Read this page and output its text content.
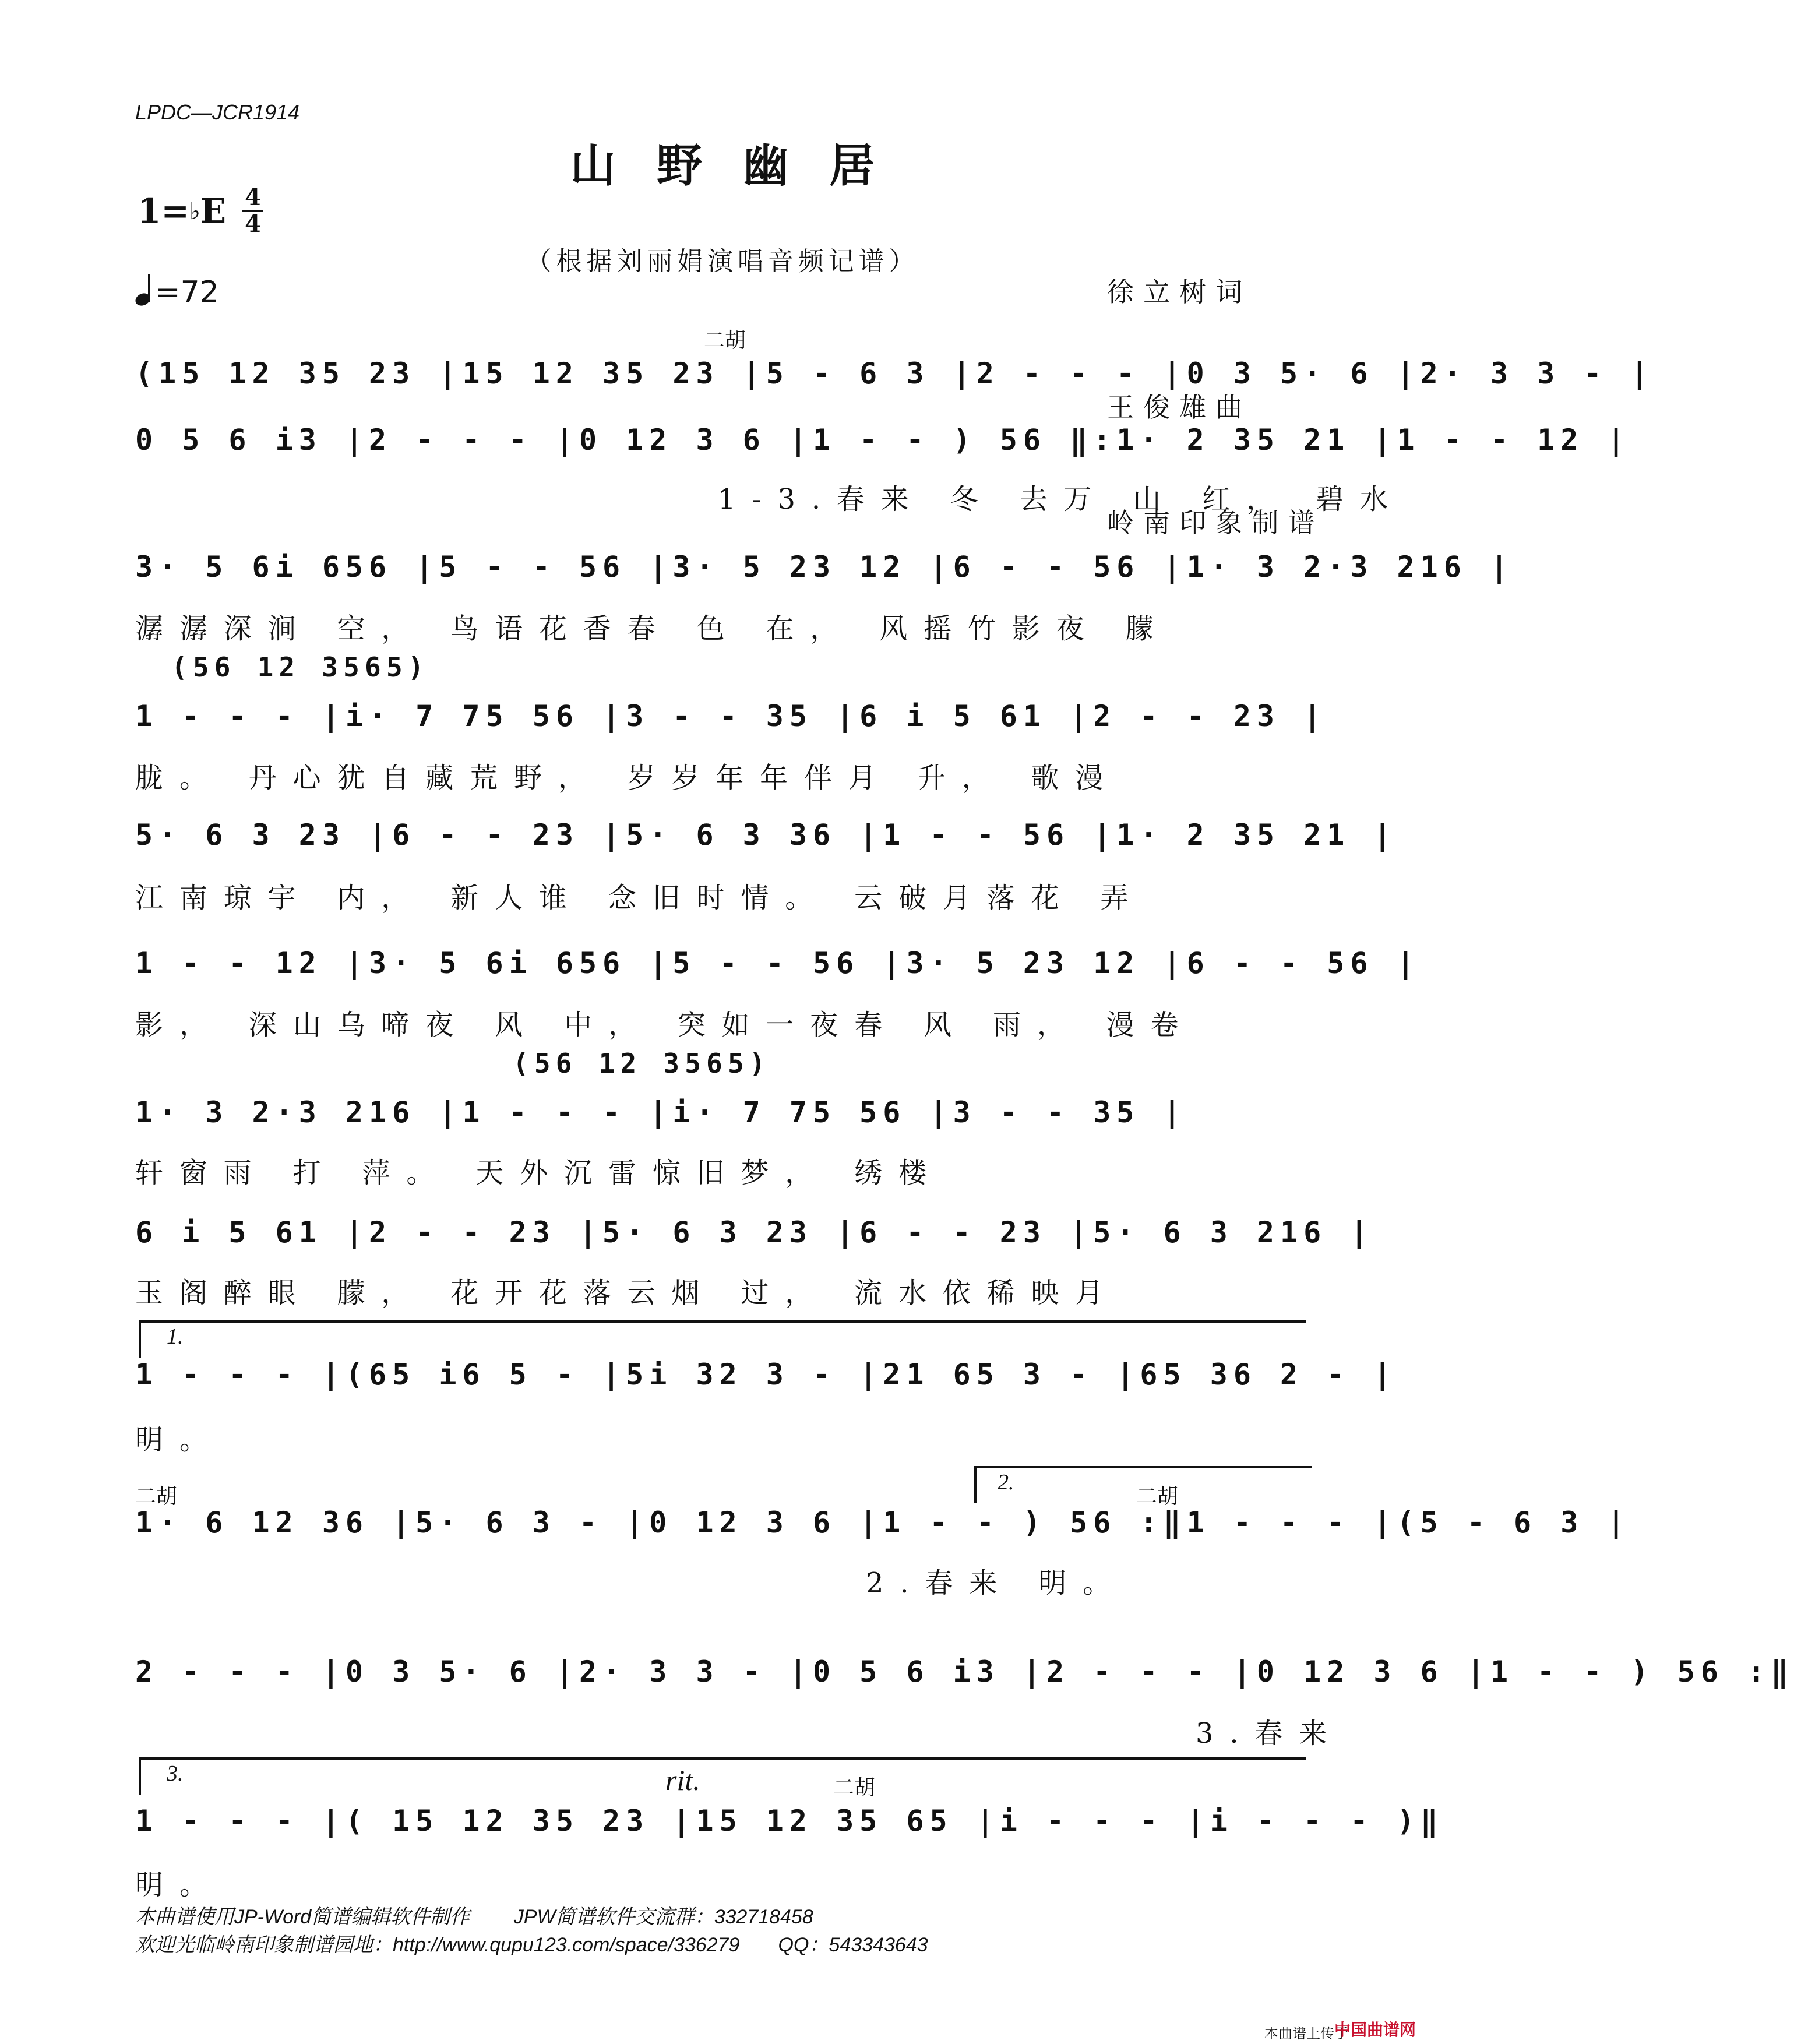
LPDC—JCR1914
山野幽居
1= ♭ E 4
4
=72
（根据刘丽娟演唱音频记谱）

徐立树词

王俊雄曲

岭南印象制谱

二胡
(15 12 35 23 |15 12 35 23 |5 - 6 3 |2 - - - |0 3 5· 6 |2· 3 3 - |
0 5 6 i3 |2 - - - |0 12 3 6 |1 - - ) 56 ‖:1· 2 35 21 |1 - - 12 |
1-3.春来 冬 去万 山 红， 碧水
3· 5 6i 656 |5 - - 56 |3· 5 23 12 |6 - - 56 |1· 3 2·3 216 |
潺潺深涧 空， 鸟语花香春 色 在， 风摇竹影夜 朦
(56 12 3565)
1 - - - |i· 7 75 56 |3 - - 35 |6 i 5 61 |2 - - 23 |
胧。 丹心犹自藏荒野， 岁岁年年伴月 升， 歌漫
5· 6 3 23 |6 - - 23 |5· 6 3 36 |1 - - 56 |1· 2 35 21 |
江南琼宇 内， 新人谁 念旧时情。 云破月落花 弄
1 - - 12 |3· 5 6i 656 |5 - - 56 |3· 5 23 12 |6 - - 56 |
影， 深山乌啼夜 风 中， 突如一夜春 风 雨， 漫卷
(56 12 3565)
1· 3 2·3 216 |1 - - - |i· 7 75 56 |3 - - 35 |
轩窗雨 打 萍。 天外沉雷惊旧梦， 绣楼
6 i 5 61 |2 - - 23 |5· 6 3 23 |6 - - 23 |5· 6 3 216 |
玉阁醉眼 朦， 花开花落云烟 过， 流水依稀映月
1.
1 - - - |(65 i6 5 - |5i 32 3 - |21 65 3 - |65 36 2 - |
明。
二胡
2.
二胡
1· 6 12 36 |5· 6 3 - |0 12 3 6 |1 - - ) 56 :‖1 - - - |(5 - 6 3 |
2.春来 明。
2 - - - |0 3 5· 6 |2· 3 3 - |0 5 6 i3 |2 - - - |0 12 3 6 |1 - - ) 56 :‖
3.春来
3.	rit.	二胡
1 - - - |( 15 12 35 23 |15 12 35 65 |i - - - |i - - - )‖
明。
本曲谱使用JP-Word简谱编辑软件制作        JPW简谱软件交流群：332718458
欢迎光临岭南印象制谱园地：http://www.qupu123.com/space/336279       QQ：543343643
本曲谱上传于
中国曲谱网
